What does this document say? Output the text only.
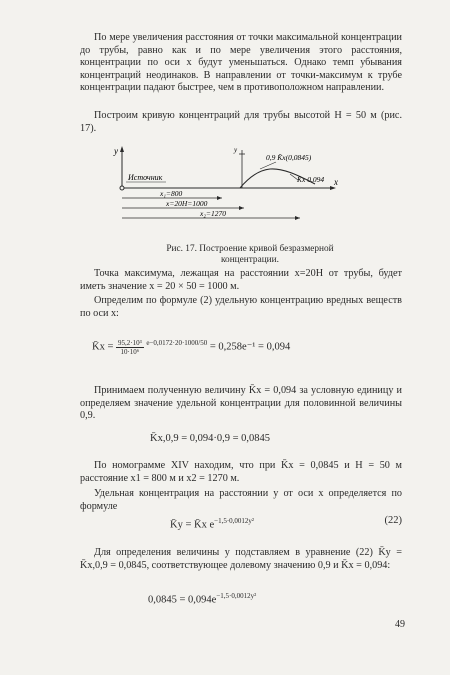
По мере увеличения расстояния от точки максимальной концентрации до трубы, равно как и по мере увеличения этого расстояния, концентрации по оси x будут уменьшаться. Однако темп убывания концентраций неодинаков. В направлении от точки-максимум к трубе концентрации падают быстрее, чем в противоположном направлении.

Построим кривую концентраций для трубы высотой H = 50 м (рис. 17).

y
x
Источник
y
0,9 K̄x(0,0845)
K̄x 0,094
x₁=800
x=20H=1000
x₂=1270

Рис. 17. Построение кривой безразмерной концентрации.

Точка максимума, лежащая на расстоянии x=20H от трубы, будет иметь значение x = 20 × 50 = 1000 м.

Определим по формуле (2) удельную концентрацию вредных веществ по оси x:

K̄x = $\frac{\text{95,2·10³}}{\text{10·10⁶}} ^{e-0,0172\cdot 20\cdot 1000/50} = 0,258e^{-1} = 0,094$

Принимаем полученную величину K̄x = 0,094 за условную единицу и определяем значение удельной концентрации для половинной величины 0,9.

K̄x,0,9 = 0,094·0,9 = 0,0845

По номограмме XIV находим, что при K̄x = 0,0845 и H = 50 м расстояние x1 = 800 м и x2 = 1270 м.

Удельная концентрация на расстоянии y от оси x определяется по формуле

K̄y = K̄x $e^{-1,5\cdot 0,0012y^2}$	(22)

Для определения величины y подставляем в уравнение (22) K̄y = K̄x,0,9 = 0,0845, соответствующее долевому значению 0,9 и K̄x = 0,094:

$0,0845 = 0,094e^{-1,5\cdot 0,0012y^2}$
49
